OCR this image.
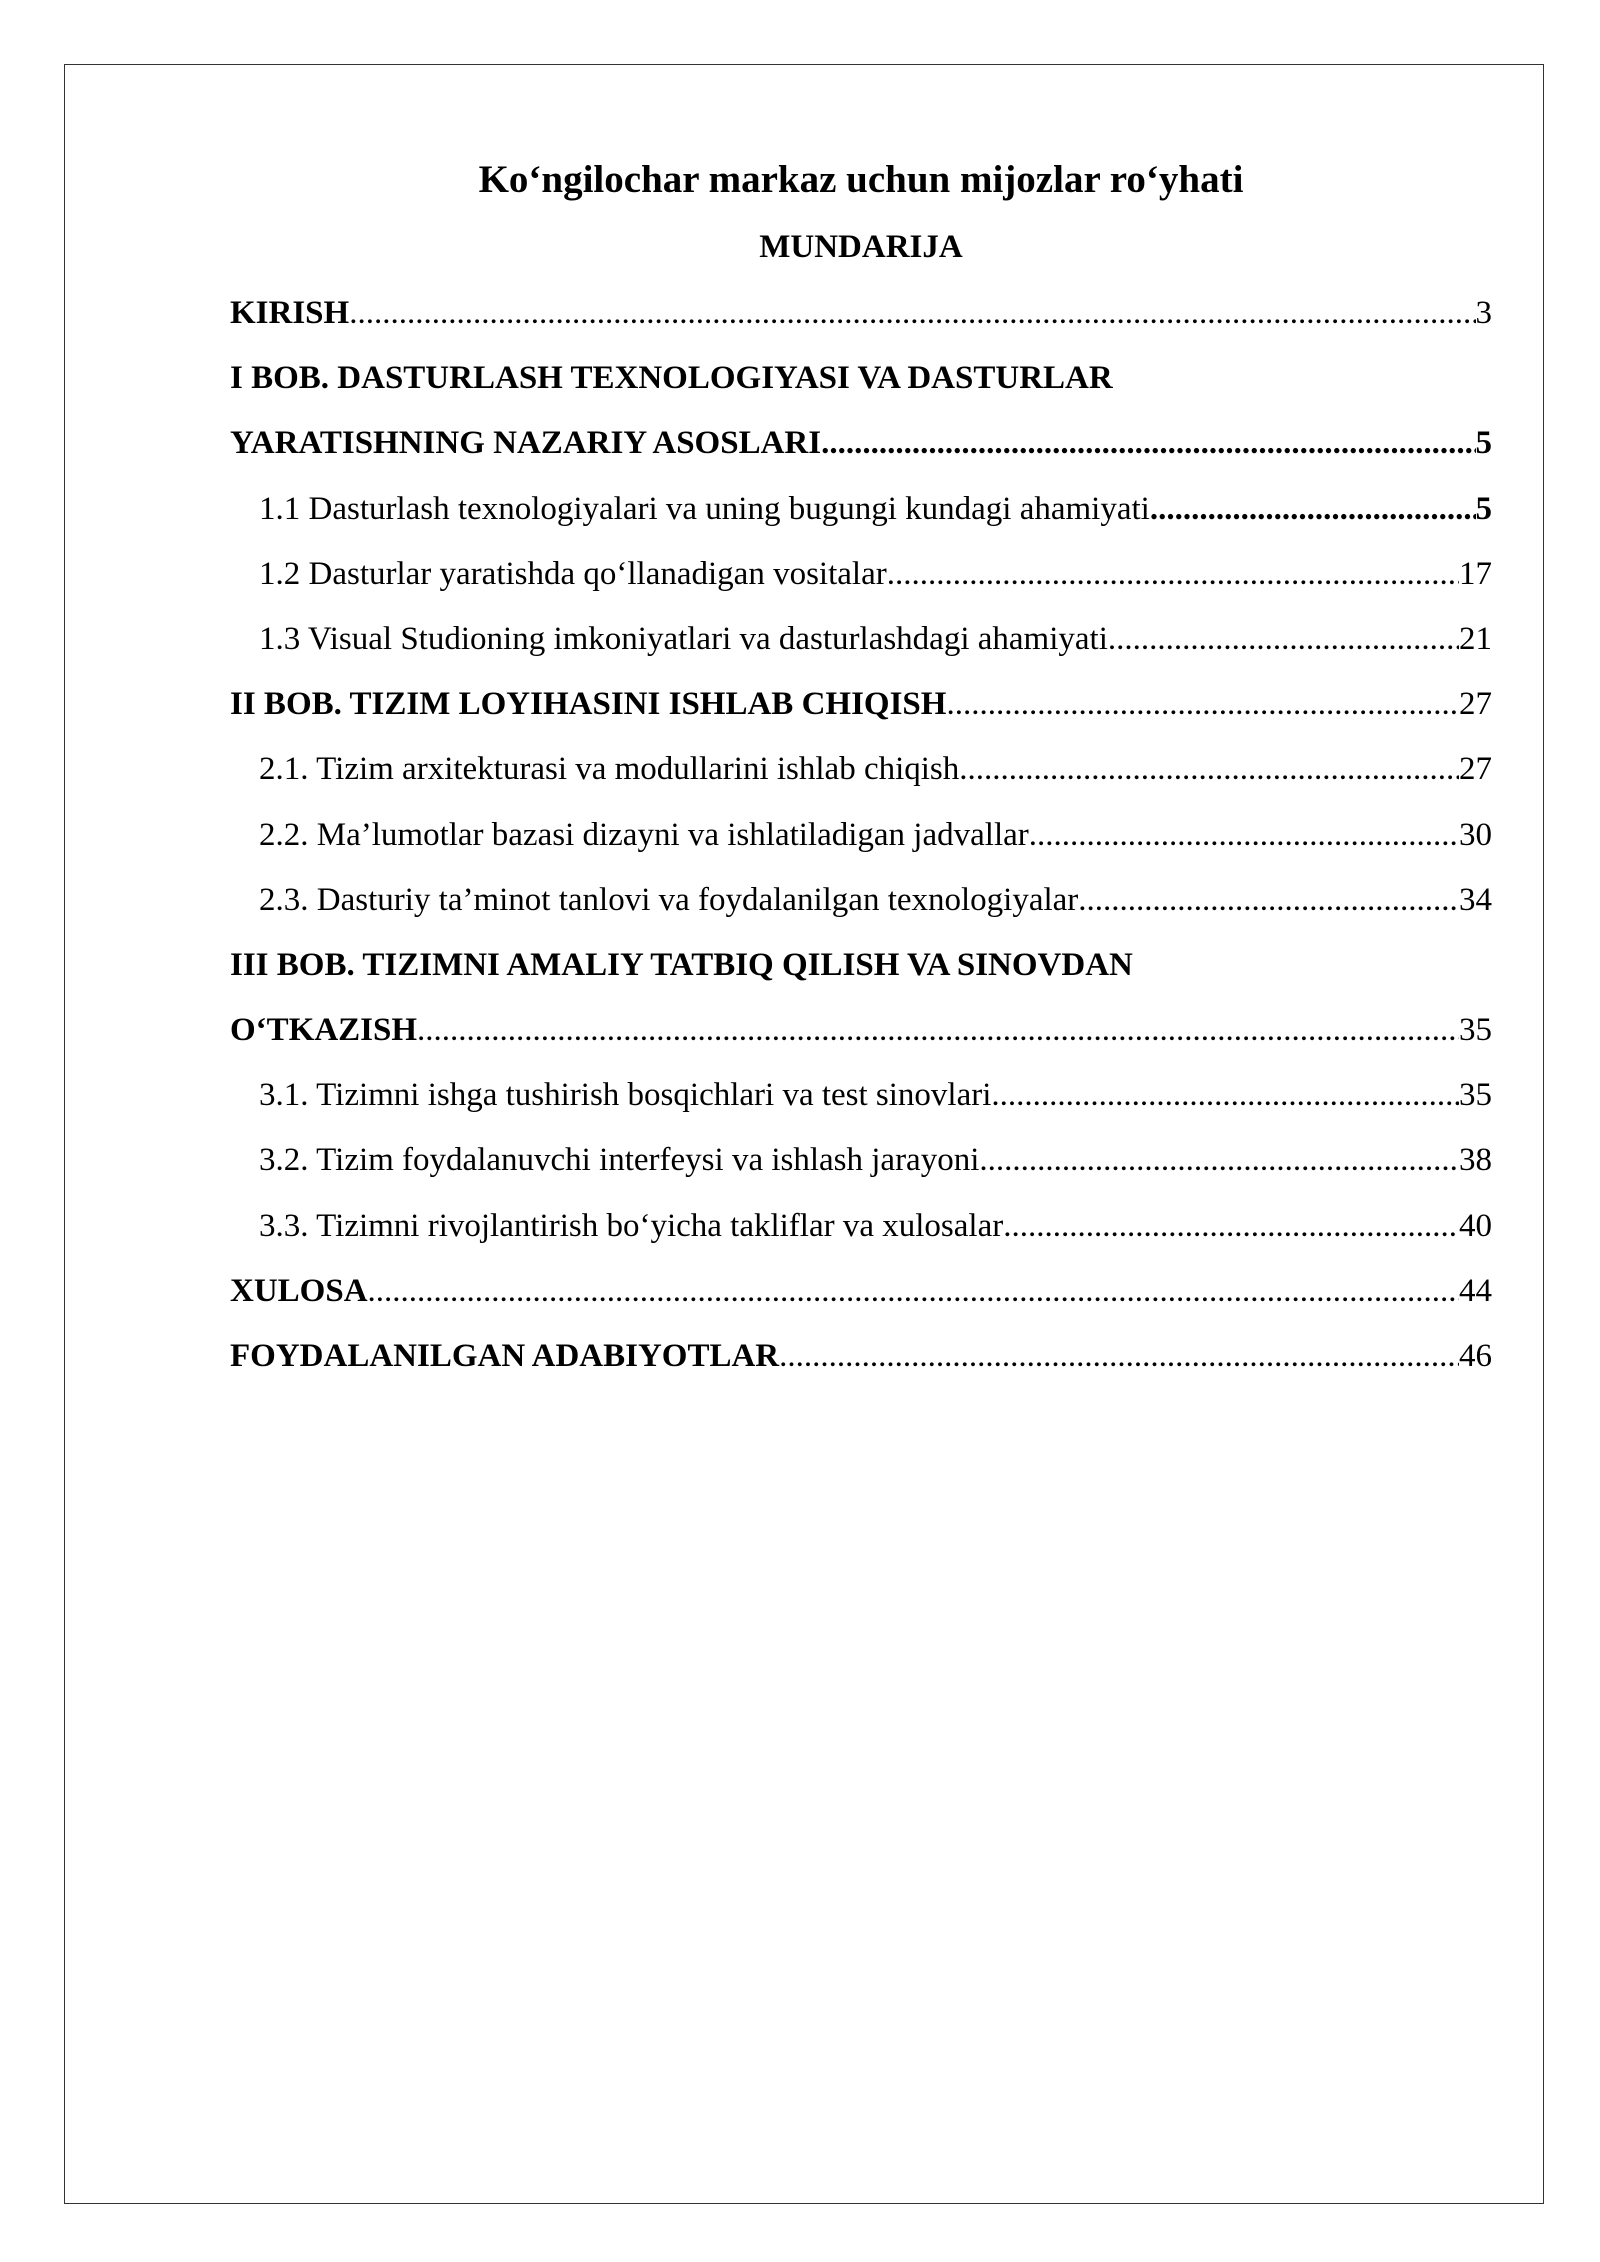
Ko‘ngilochar markaz uchun mijozlar ro‘yhati
MUNDARIJA
KIRISH .....	3
I BOB. DASTURLASH TEXNOLOGIYASI VA DASTURLAR
YARATISHNING NAZARIY ASOSLARI .....	5
1.1 Dasturlash texnologiyalari va uning bugungi kundagi ahamiyati .....	5
1.2 Dasturlar yaratishda qo‘llanadigan vositalar .....	17
1.3 Visual Studioning imkoniyatlari va dasturlashdagi ahamiyati .....	21
II BOB. TIZIM LOYIHASINI ISHLAB CHIQISH .....	27
2.1. Tizim arxitekturasi va modullarini ishlab chiqish .....	27
2.2. Ma’lumotlar bazasi dizayni va ishlatiladigan jadvallar .....	30
2.3. Dasturiy ta’minot tanlovi va foydalanilgan texnologiyalar .....	34
III BOB. TIZIMNI AMALIY TATBIQ QILISH VA SINOVDAN
O‘TKAZISH .....	35
3.1. Tizimni ishga tushirish bosqichlari va test sinovlari .....	35
3.2. Tizim foydalanuvchi interfeysi va ishlash jarayoni .....	38
3.3. Tizimni rivojlantirish bo‘yicha takliflar va xulosalar .....	40
XULOSA .....	44
FOYDALANILGAN ADABIYOTLAR .....	46
